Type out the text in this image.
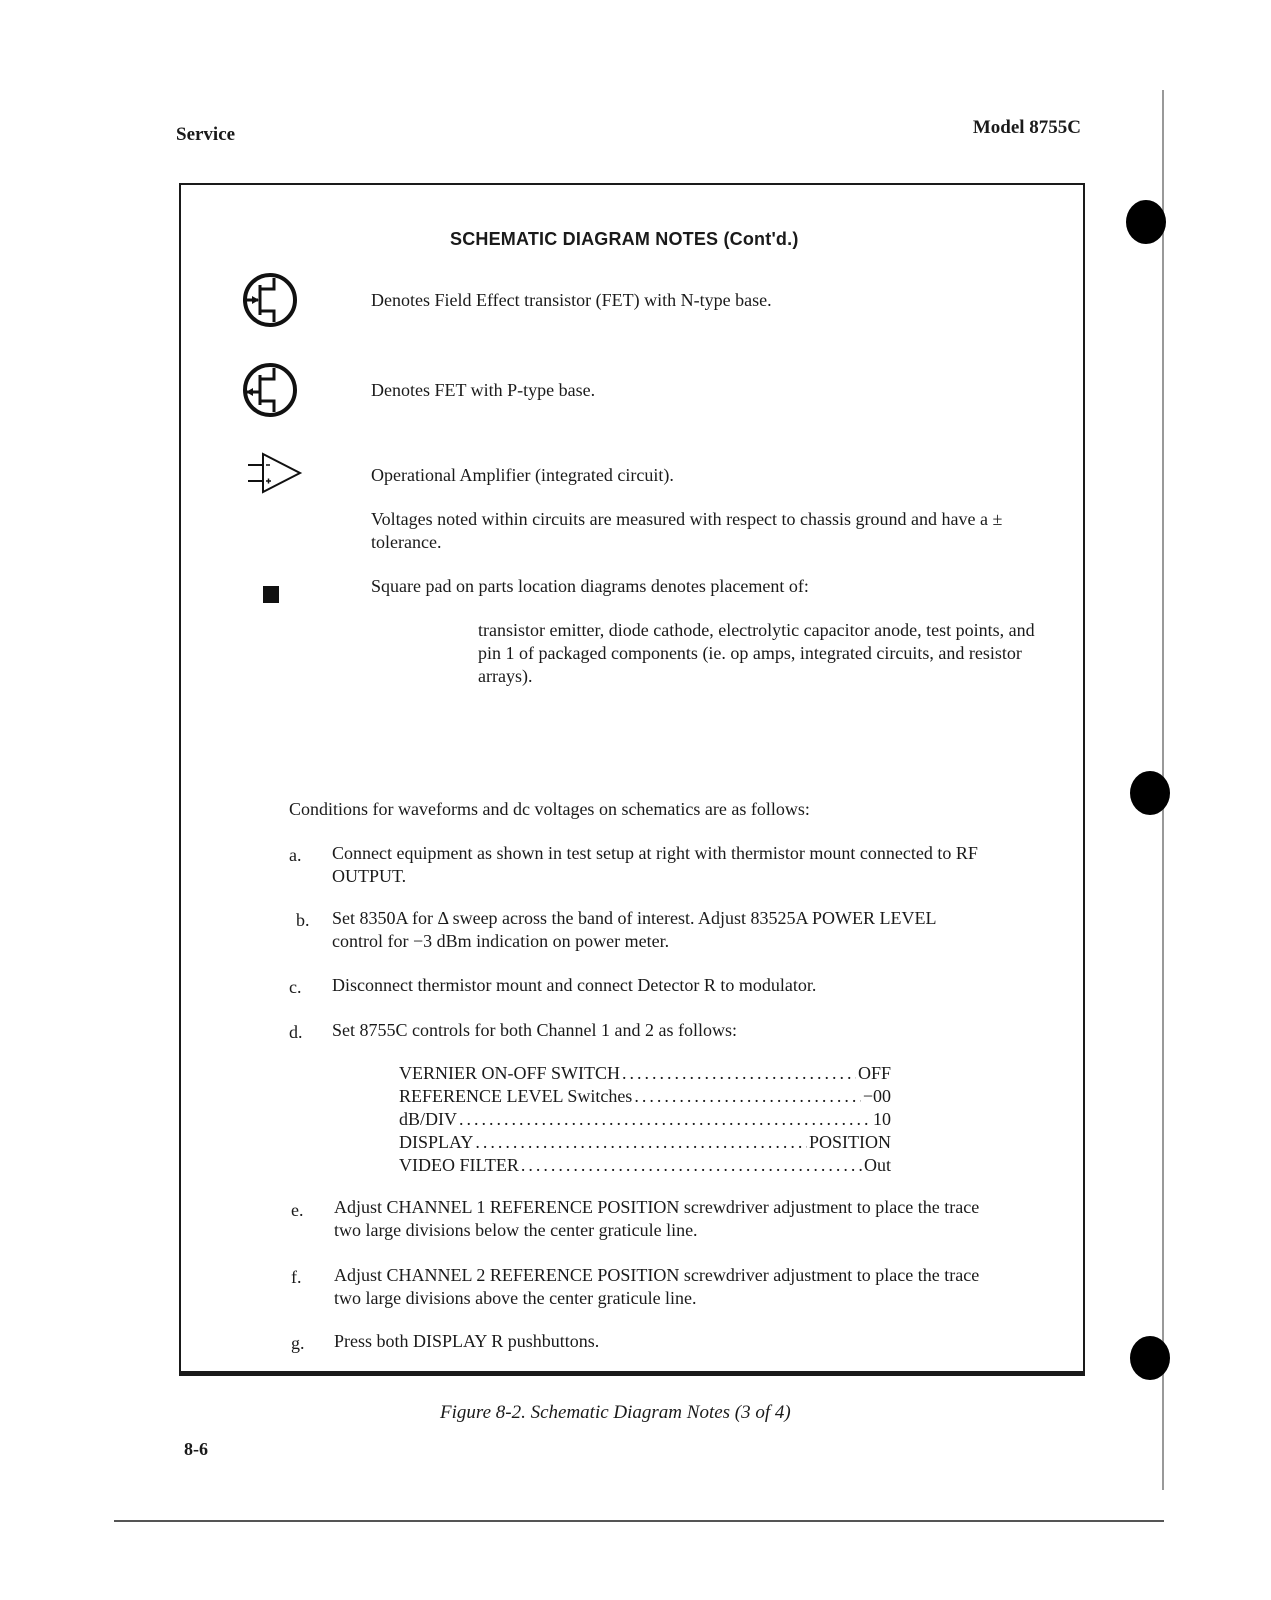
Service	Model 8755C
SCHEMATIC DIAGRAM NOTES (Cont'd.)
Denotes Field Effect transistor (FET) with N-type base.
Denotes FET with P-type base.
Operational Amplifier (integrated circuit).
Voltages noted within circuits are measured with respect to chassis ground and have a ± tolerance.
Square pad on parts location diagrams denotes placement of:
transistor emitter, diode cathode, electrolytic capacitor anode, test points, and pin 1 of packaged components (ie. op amps, integrated circuits, and resistor arrays).
Conditions for waveforms and dc voltages on schematics are as follows:
a. Connect equipment as shown in test setup at right with thermistor mount connected to RF OUTPUT.
b. Set 8350A for Δ sweep across the band of interest. Adjust 83525A POWER LEVEL control for −3 dBm indication on power meter.
c. Disconnect thermistor mount and connect Detector R to modulator.
d. Set 8755C controls for both Channel 1 and 2 as follows:
VERNIER ON-OFF SWITCH .....	OFF
REFERENCE LEVEL Switches .....	−00
dB/DIV .....	10
DISPLAY .....	POSITION
VIDEO FILTER .....	Out
e. Adjust CHANNEL 1 REFERENCE POSITION screwdriver adjustment to place the trace two large divisions below the center graticule line.
f. Adjust CHANNEL 2 REFERENCE POSITION screwdriver adjustment to place the trace two large divisions above the center graticule line.
g. Press both DISPLAY R pushbuttons.
Figure 8-2. Schematic Diagram Notes (3 of 4)
8-6
